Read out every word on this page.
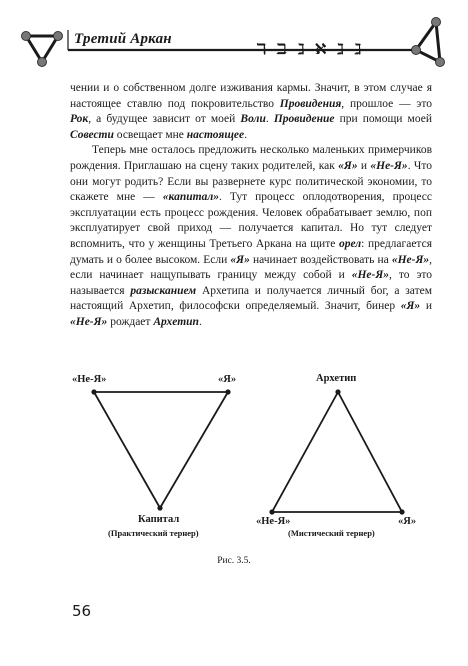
Третий Аркан
ℸℶℷℵℷℷ

чении и о собственном долге изживания кармы. Значит, в этом случае я настоящее ставлю под покровительство Провидения, прошлое — это Рок, а будущее зависит от моей Воли. Провидение при помощи моей Совести освещает мне настоящее.

Теперь мне осталось предложить несколько маленьких примерчиков рождения. Приглашаю на сцену таких родителей, как «Я» и «Не-Я». Что они могут родить? Если вы развернете курс политической экономии, то скажете мне — «капитал». Тут процесс оплодотворения, процесс эксплуатации есть процесс рождения. Человек обрабатывает землю, поп эксплуатирует свой приход — получается капитал. Но тут следует вспомнить, что у женщины Третьего Аркана на щите орел: предлагается думать и о более высоком. Если «Я» начинает воздействовать на «Не-Я», если начинает нащупывать границу между собой и «Не-Я», то это называется разысканием Архетипа и получается личный бог, а затем настоящий Архетип, философски определяемый. Значит, бинер «Я» и «Не-Я» рождает Архетип.

«Не-Я»	«Я»
Капитал
(Практический тернер)
Архетип
«Не-Я»	«Я»
(Мистический тернер)
Рис. 3.5.
56
